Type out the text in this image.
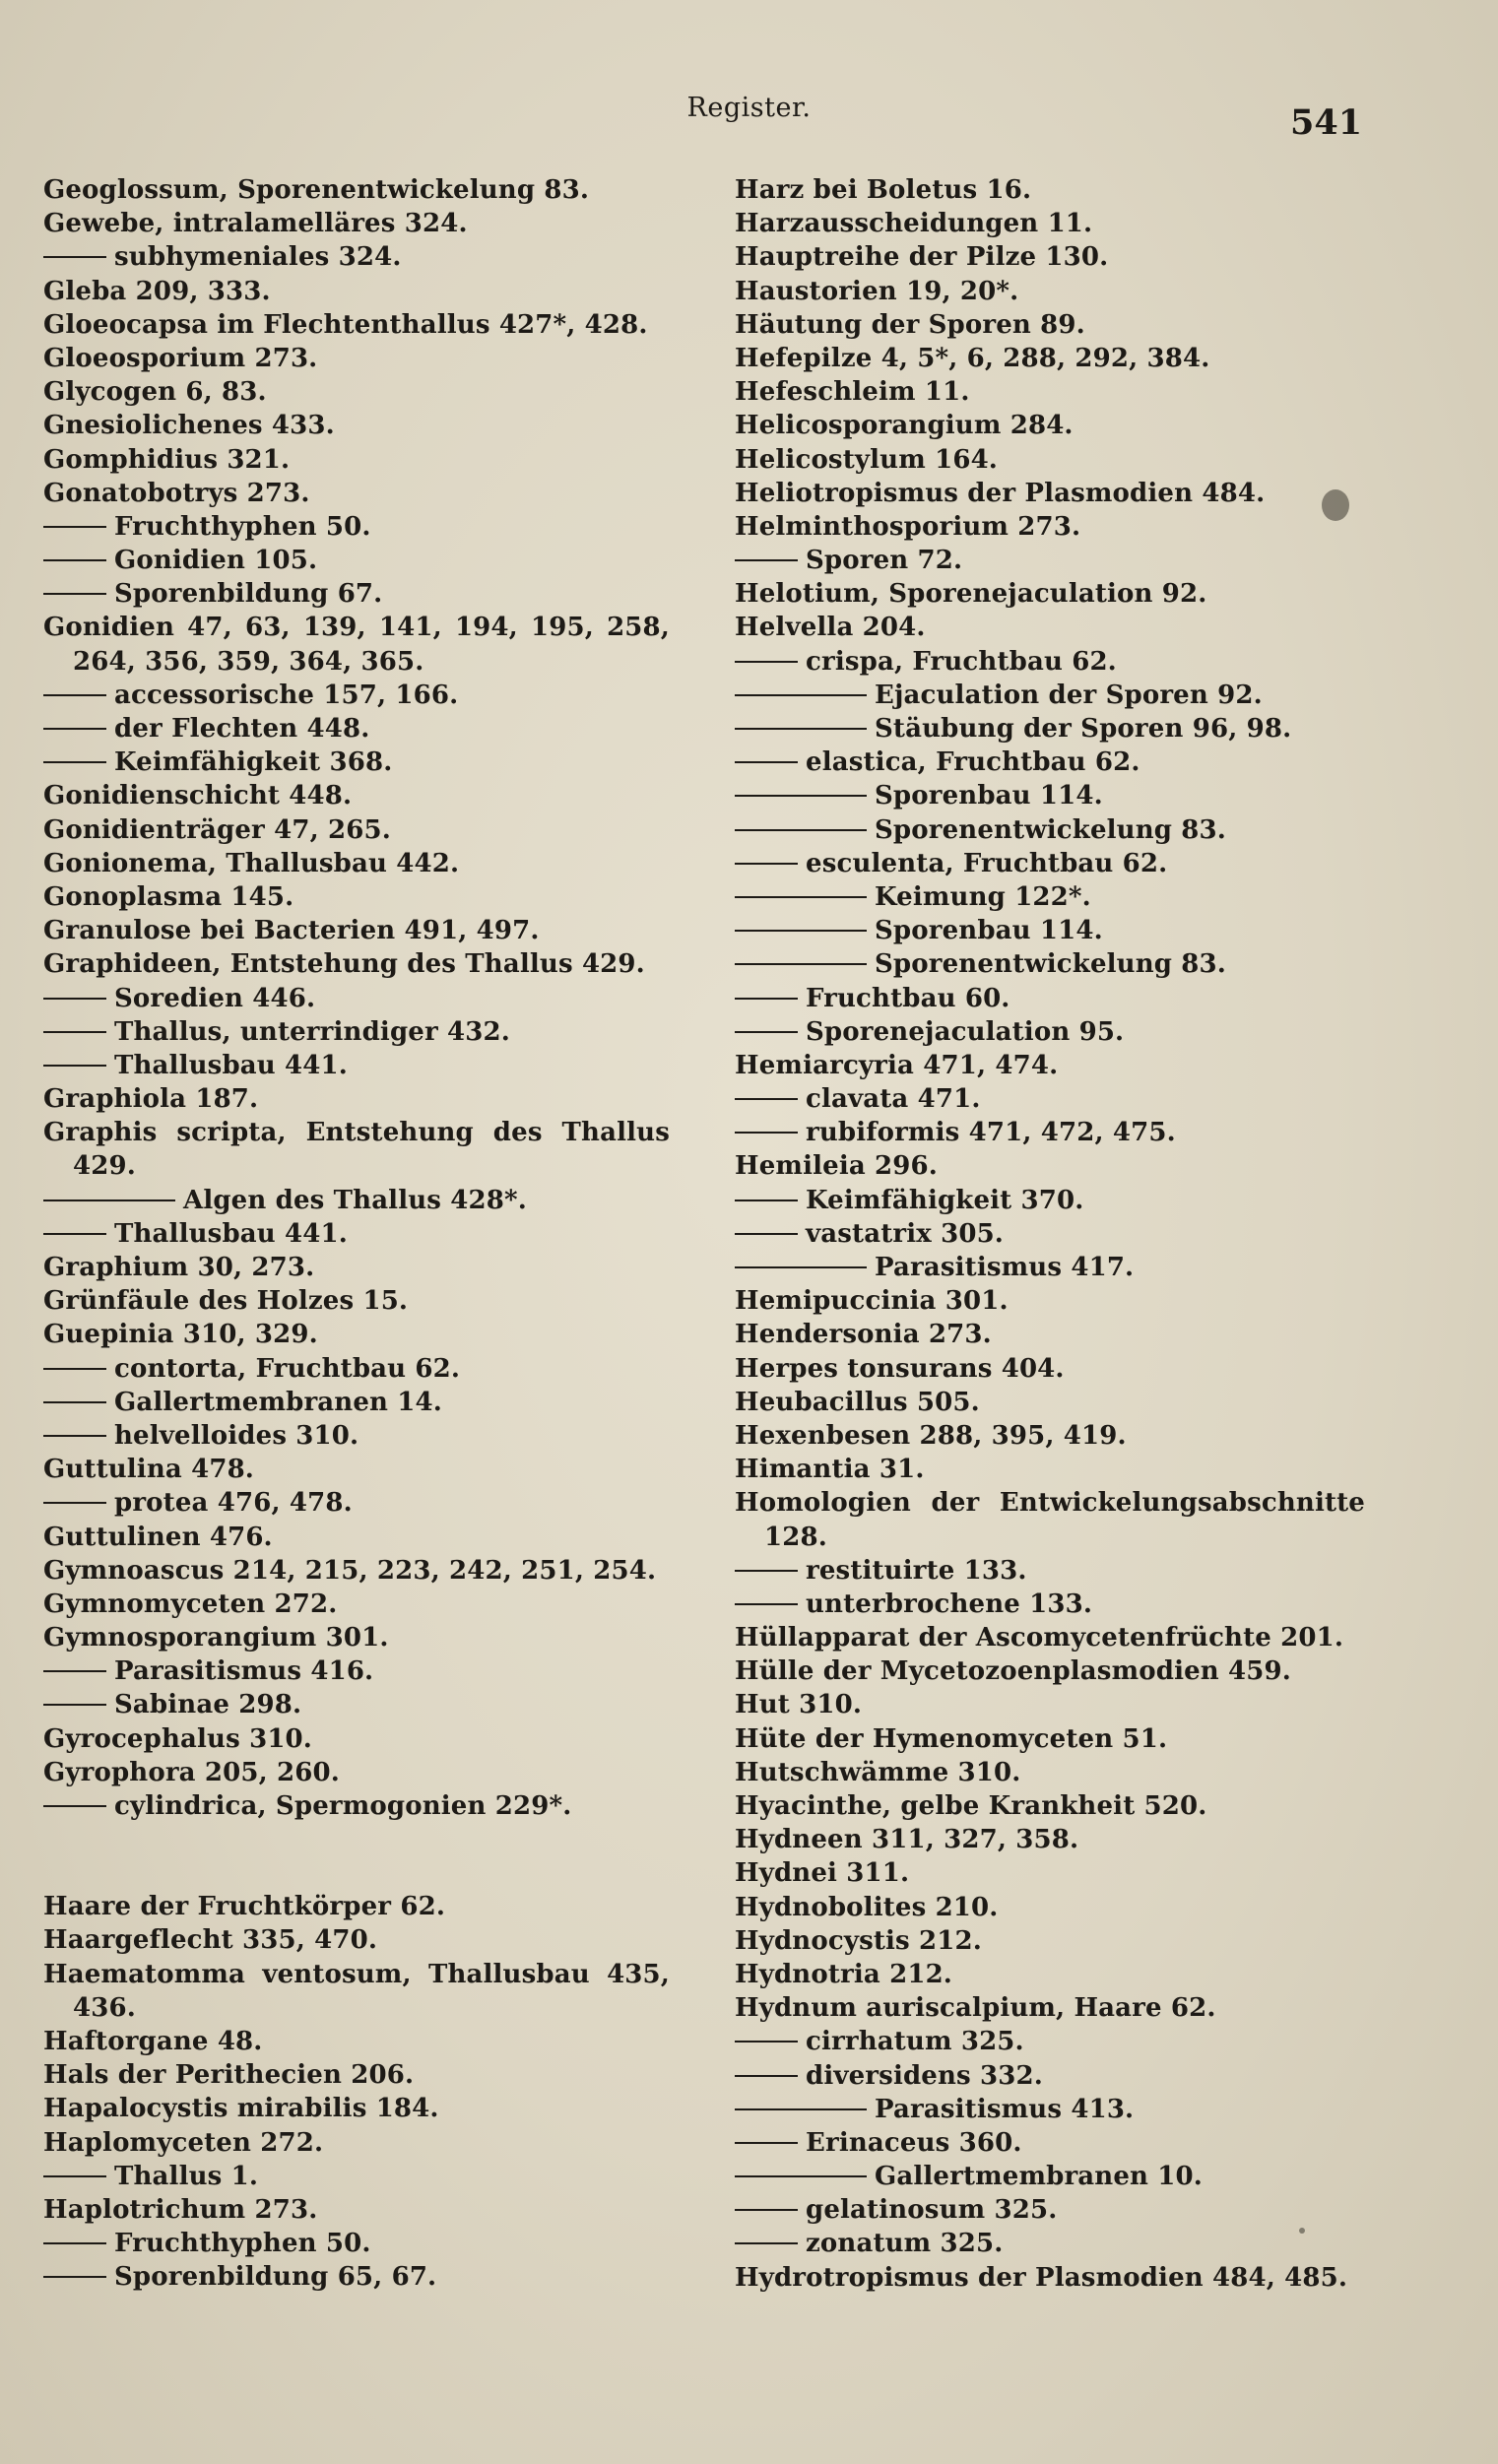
Register.	541
Geoglossum, Sporenentwickelung 83.
Gewebe, intralamelläres 324.
subhymeniales 324.
Gleba 209, 333.
Gloeocapsa im Flechtenthallus 427*, 428.
Gloeosporium 273.
Glycogen 6, 83.
Gnesiolichenes 433.
Gomphidius 321.
Gonatobotrys 273.
Fruchthyphen 50.
Gonidien 105.
Sporenbildung 67.
Gonidien 47, 63, 139, 141, 194, 195, 258,
264, 356, 359, 364, 365.
accessorische 157, 166.
der Flechten 448.
Keimfähigkeit 368.
Gonidienschicht 448.
Gonidienträger 47, 265.
Gonionema, Thallusbau 442.
Gonoplasma 145.
Granulose bei Bacterien 491, 497.
Graphideen, Entstehung des Thallus 429.
Soredien 446.
Thallus, unterrindiger 432.
Thallusbau 441.
Graphiola 187.
Graphis scripta, Entstehung des Thallus
429.
Algen des Thallus 428*.
Thallusbau 441.
Graphium 30, 273.
Grünfäule des Holzes 15.
Guepinia 310, 329.
contorta, Fruchtbau 62.
Gallertmembranen 14.
helvelloides 310.
Guttulina 478.
protea 476, 478.
Guttulinen 476.
Gymnoascus 214, 215, 223, 242, 251, 254.
Gymnomyceten 272.
Gymnosporangium 301.
Parasitismus 416.
Sabinae 298.
Gyrocephalus 310.
Gyrophora 205, 260.
cylindrica, Spermogonien 229*.
Haare der Fruchtkörper 62.
Haargeflecht 335, 470.
Haematomma ventosum, Thallusbau 435,
436.
Haftorgane 48.
Hals der Perithecien 206.
Hapalocystis mirabilis 184.
Haplomyceten 272.
Thallus 1.
Haplotrichum 273.
Fruchthyphen 50.
Sporenbildung 65, 67.
Harz bei Boletus 16.
Harzausscheidungen 11.
Hauptreihe der Pilze 130.
Haustorien 19, 20*.
Häutung der Sporen 89.
Hefepilze 4, 5*, 6, 288, 292, 384.
Hefeschleim 11.
Helicosporangium 284.
Helicostylum 164.
Heliotropismus der Plasmodien 484.
Helminthosporium 273.
Sporen 72.
Helotium, Sporenejaculation 92.
Helvella 204.
crispa, Fruchtbau 62.
Ejaculation der Sporen 92.
Stäubung der Sporen 96, 98.
elastica, Fruchtbau 62.
Sporenbau 114.
Sporenentwickelung 83.
esculenta, Fruchtbau 62.
Keimung 122*.
Sporenbau 114.
Sporenentwickelung 83.
Fruchtbau 60.
Sporenejaculation 95.
Hemiarcyria 471, 474.
clavata 471.
rubiformis 471, 472, 475.
Hemileia 296.
Keimfähigkeit 370.
vastatrix 305.
Parasitismus 417.
Hemipuccinia 301.
Hendersonia 273.
Herpes tonsurans 404.
Heubacillus 505.
Hexenbesen 288, 395, 419.
Himantia 31.
Homologien der Entwickelungsabschnitte
128.
restituirte 133.
unterbrochene 133.
Hüllapparat der Ascomycetenfrüchte 201.
Hülle der Mycetozoenplasmodien 459.
Hut 310.
Hüte der Hymenomyceten 51.
Hutschwämme 310.
Hyacinthe, gelbe Krankheit 520.
Hydneen 311, 327, 358.
Hydnei 311.
Hydnobolites 210.
Hydnocystis 212.
Hydnotria 212.
Hydnum auriscalpium, Haare 62.
cirrhatum 325.
diversidens 332.
Parasitismus 413.
Erinaceus 360.
Gallertmembranen 10.
gelatinosum 325.
zonatum 325.
Hydrotropismus der Plasmodien 484, 485.
